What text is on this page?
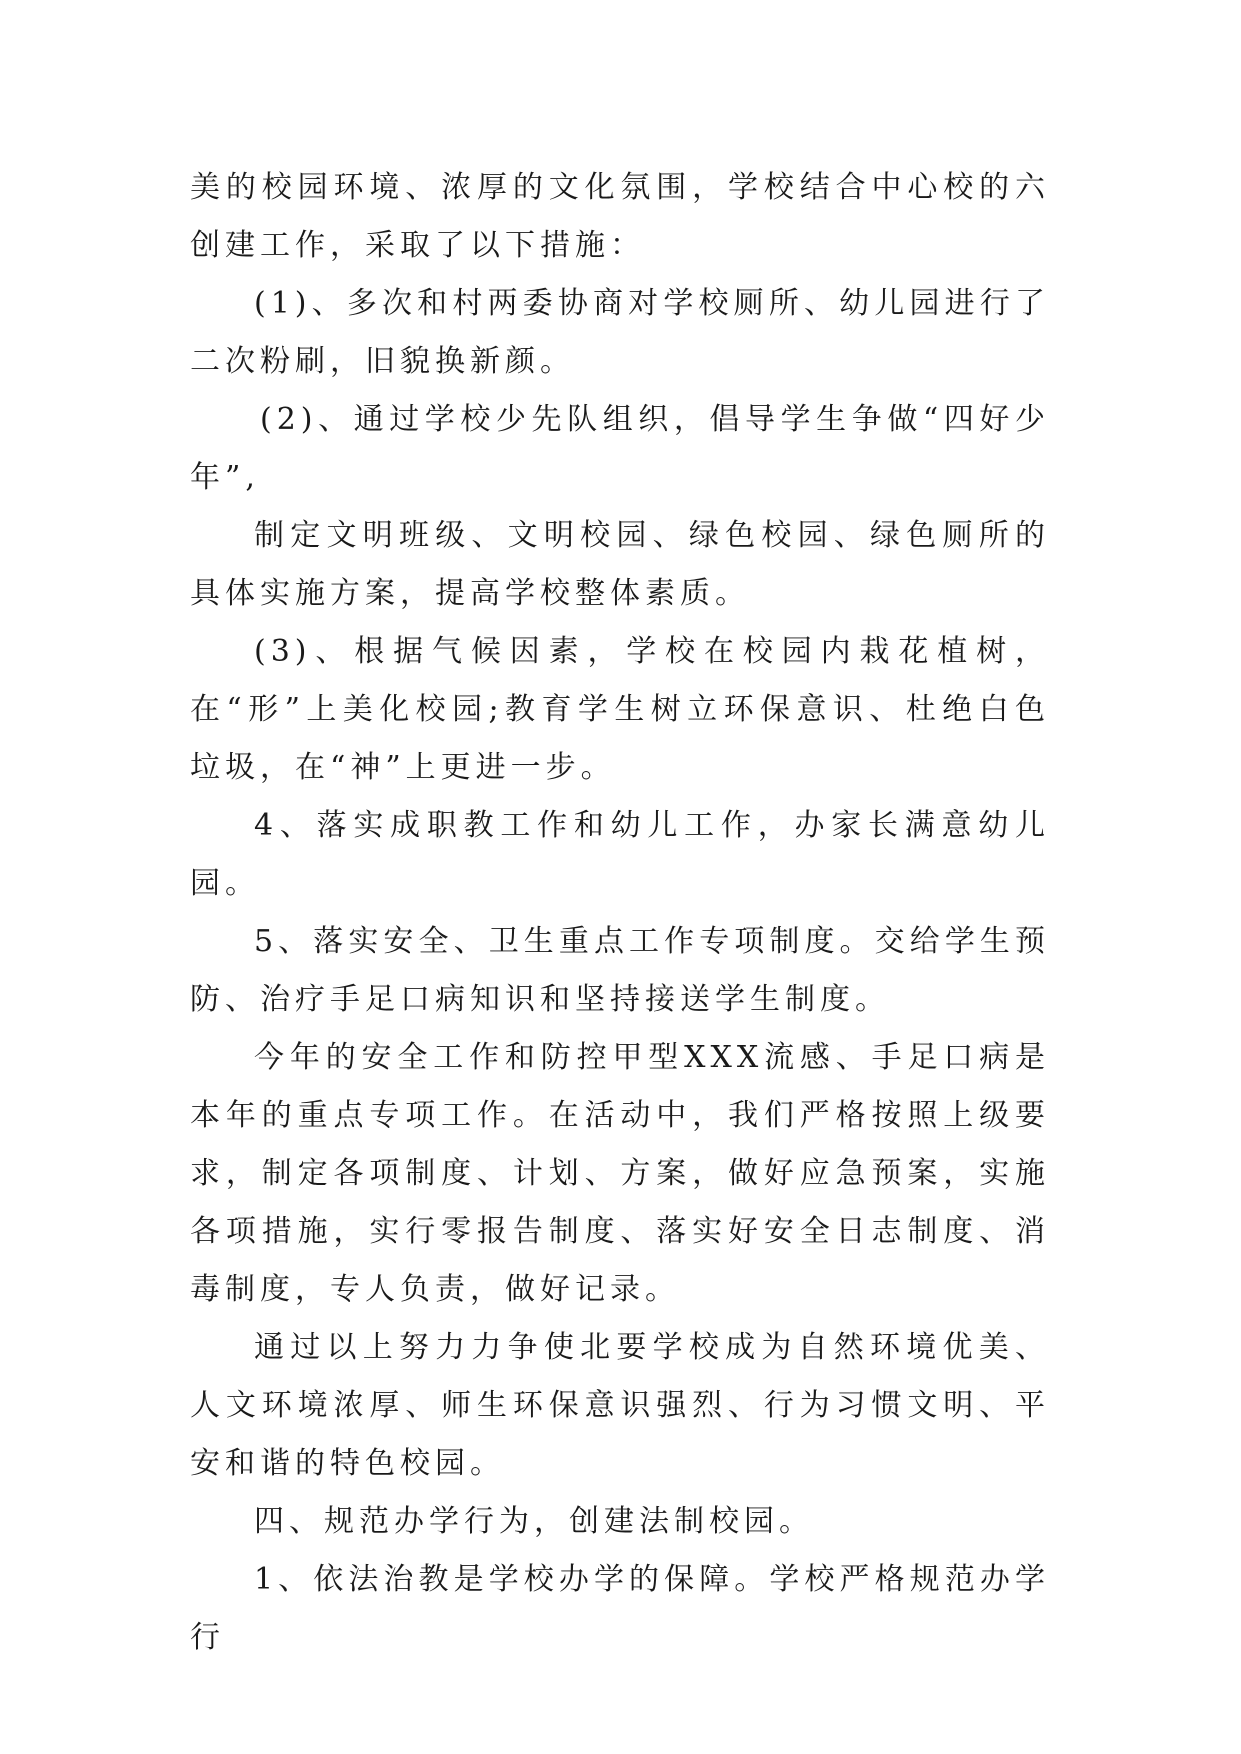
美的校园环境、浓厚的文化氛围，学校结合中心校的六创建工作，采取了以下措施：

(1)、多次和村两委协商对学校厕所、幼儿园进行了二次粉刷，旧貌换新颜。

(2)、通过学校少先队组织，倡导学生争做“四好少年”,

制定文明班级、文明校园、绿色校园、绿色厕所的具体实施方案，提高学校整体素质。

(3)、根据气候因素，学校在校园内栽花植树，在“形”上美化校园;教育学生树立环保意识、杜绝白色垃圾，在“神”上更进一步。

4、落实成职教工作和幼儿工作，办家长满意幼儿园。

5、落实安全、卫生重点工作专项制度。交给学生预防、治疗手足口病知识和坚持接送学生制度。

今年的安全工作和防控甲型XXX流感、手足口病是本年的重点专项工作。在活动中，我们严格按照上级要求，制定各项制度、计划、方案，做好应急预案，实施各项措施，实行零报告制度、落实好安全日志制度、消毒制度，专人负责，做好记录。

通过以上努力力争使北要学校成为自然环境优美、人文环境浓厚、师生环保意识强烈、行为习惯文明、平安和谐的特色校园。

四、规范办学行为，创建法制校园。

1、依法治教是学校办学的保障。学校严格规范办学行
